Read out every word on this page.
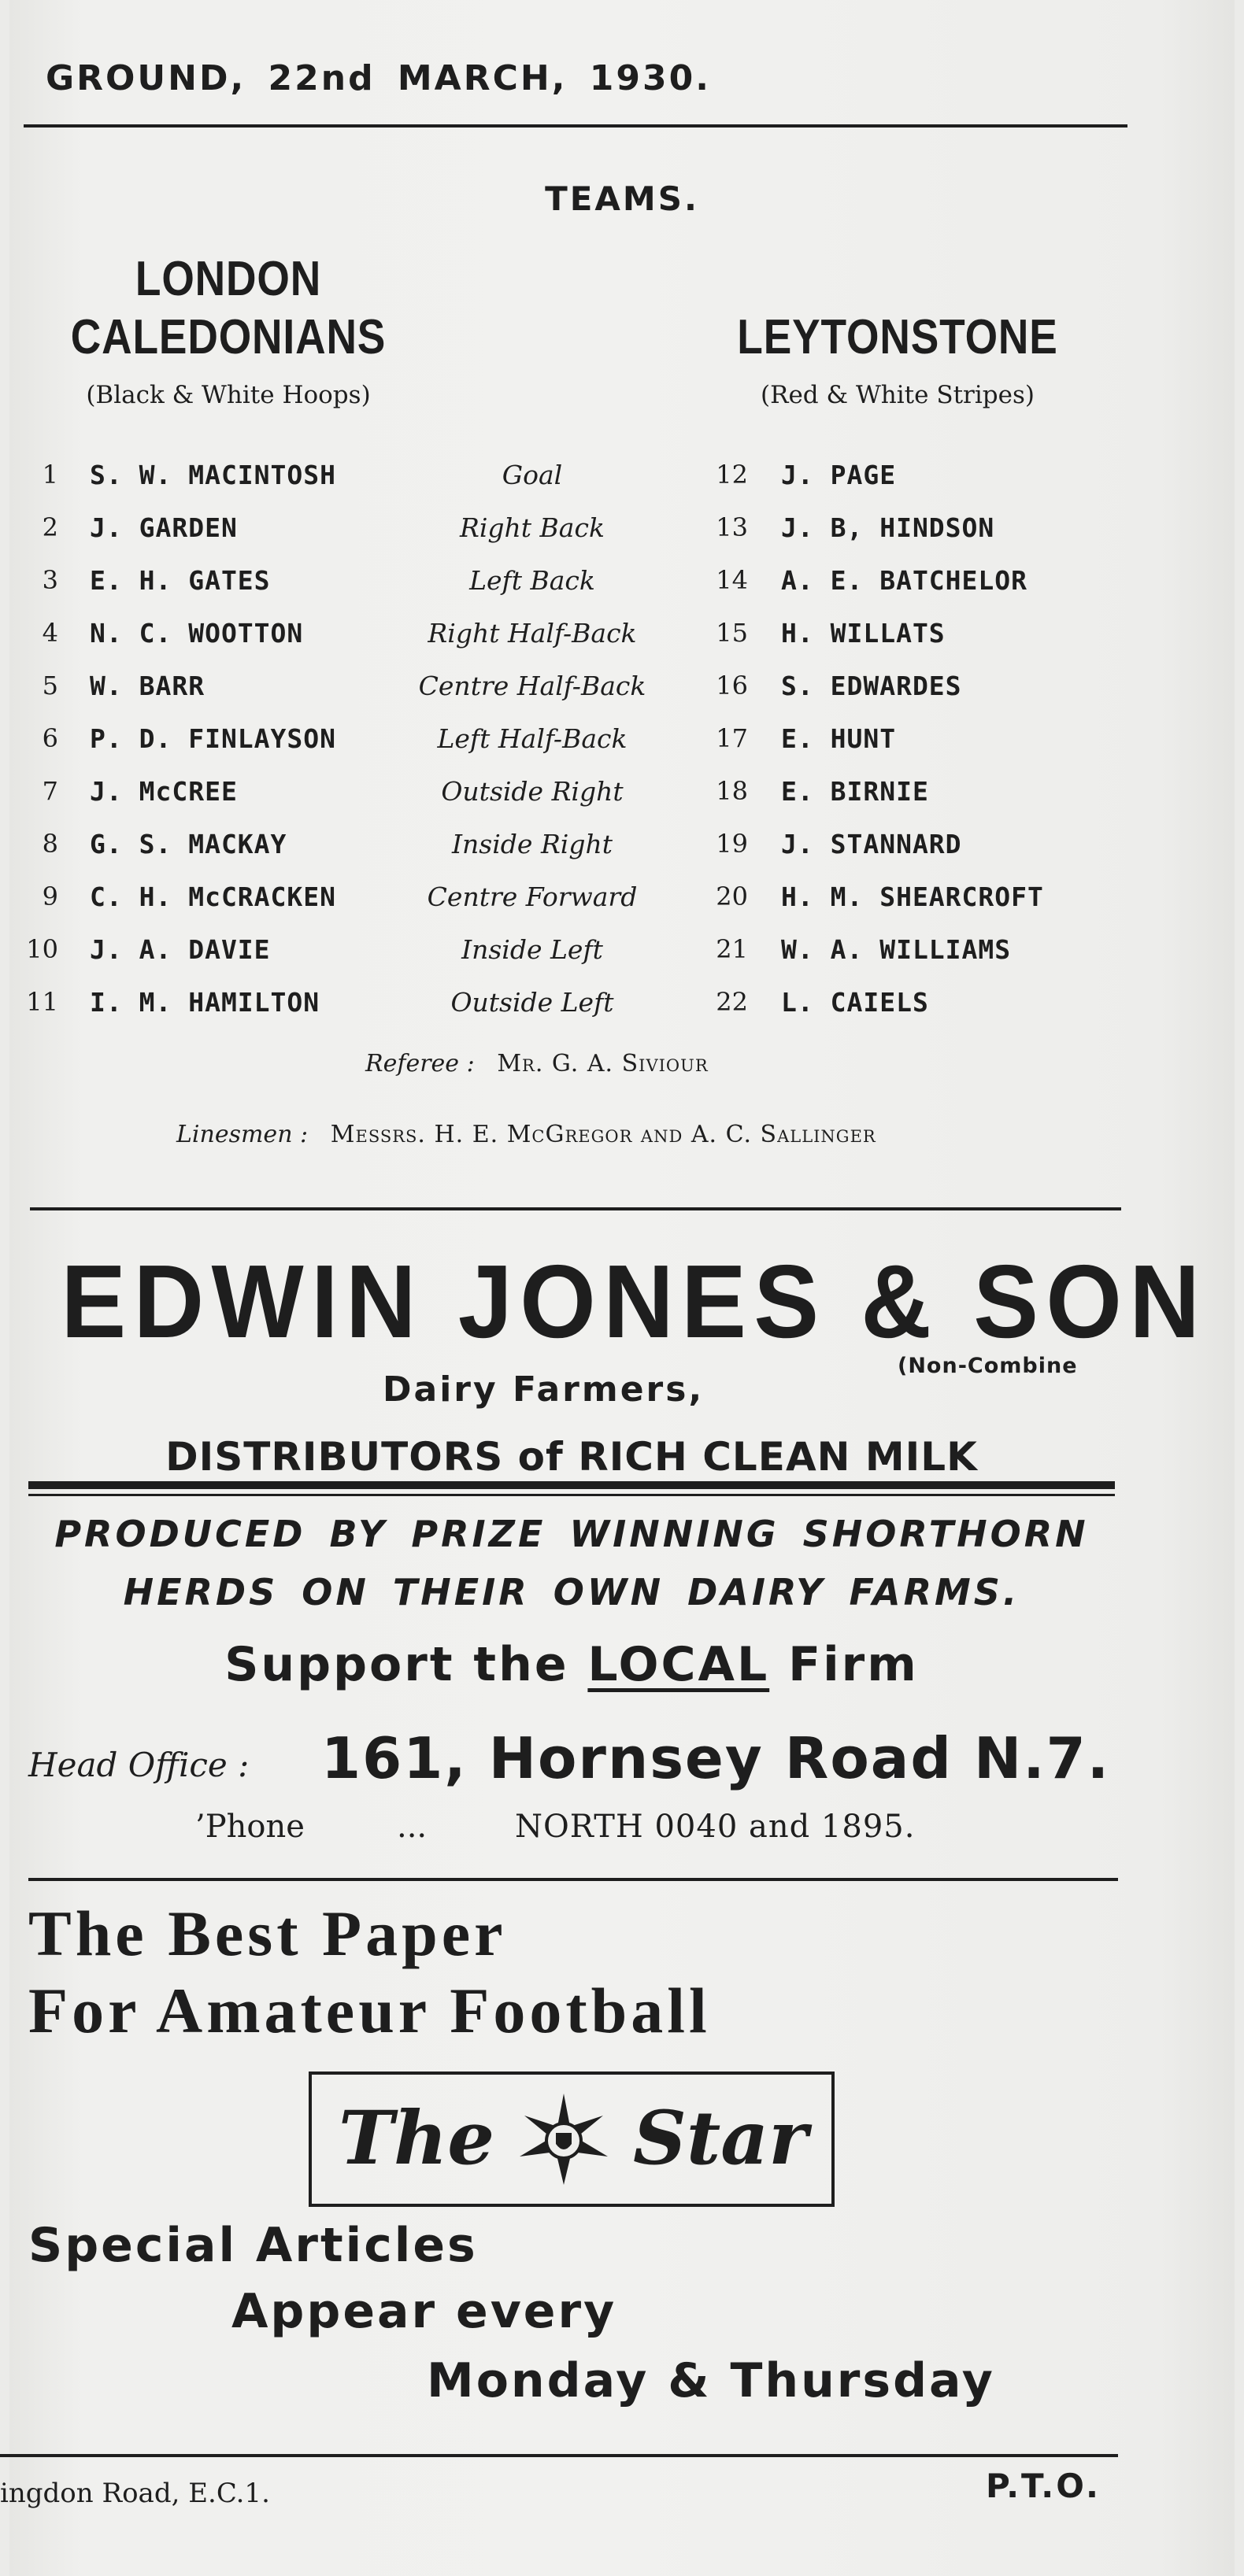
GROUND, 22nd MARCH, 1930.
TEAMS.
LONDON
CALEDONIANS
(Black & White Hoops)
LEYTONSTONE
(Red & White Stripes)
1 S. W. MACINTOSH	Goal	12 J. PAGE
2 J. GARDEN	Right Back	13 J. B, HINDSON
3 E. H. GATES	Left Back	14 A. E. BATCHELOR
4 N. C. WOOTTON	Right Half-Back	15 H. WILLATS
5 W. BARR	Centre Half-Back	16 S. EDWARDES
6 P. D. FINLAYSON	Left Half-Back	17 E. HUNT
7 J. McCREE	Outside Right	18 E. BIRNIE
8 G. S. MACKAY	Inside Right	19 J. STANNARD
9 C. H. McCRACKEN	Centre Forward	20 H. M. SHEARCROFT
10 J. A. DAVIE	Inside Left	21 W. A. WILLIAMS
11 I. M. HAMILTON	Outside Left	22 L. CAIELS
Referee : Mr. G. A. Siviour
Linesmen : Messrs. H. E. McGregor and A. C. Sallinger
EDWIN JONES & SON
(Non-Combine
Dairy Farmers,
DISTRIBUTORS of RICH CLEAN MILK
PRODUCED BY PRIZE WINNING SHORTHORN
HERDS ON THEIR OWN DAIRY FARMS.
Support the LOCAL Firm
Head Office : 161, Hornsey Road N.7.
’Phone	...	NORTH 0040 and 1895.
The Best Paper
For Amateur Football
The Star
Special Articles
Appear every
Monday & Thursday
ingdon Road, E.C.1.	P.T.O.
